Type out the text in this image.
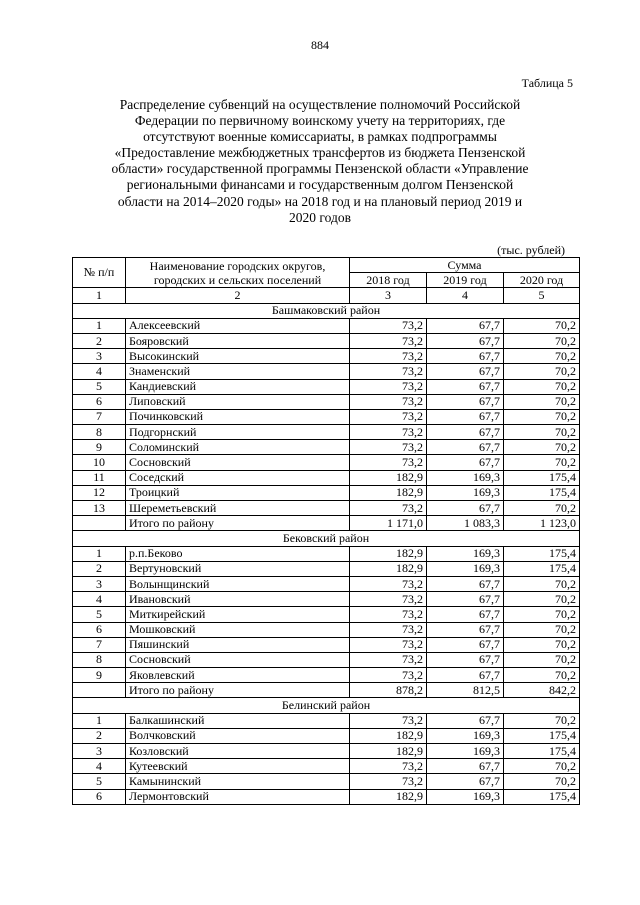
884
Таблица 5
Распределение субвенций на осуществление полномочий Российской
Федерации по первичному воинскому учету на территориях, где
отсутствуют военные комиссариаты, в рамках подпрограммы
«Предоставление межбюджетных трансфертов из бюджета Пензенской
области» государственной программы Пензенской области «Управление
региональными финансами и государственным долгом Пензенской
области на 2014–2020 годы» на 2018 год и на плановый период 2019 и
2020 годов
(тыс. рублей)
№ п/п	Наименование городских округов,
городских и сельских поселений	Сумма		
		2018 год	2019 год	2020 год
1	2	3	4	5
Башмаковский район				
1	Алексеевский	73,2	67,7	70,2
2	Бояровский	73,2	67,7	70,2
3	Высокинский	73,2	67,7	70,2
4	Знаменский	73,2	67,7	70,2
5	Кандиевский	73,2	67,7	70,2
6	Липовский	73,2	67,7	70,2
7	Починковский	73,2	67,7	70,2
8	Подгорнский	73,2	67,7	70,2
9	Соломинский	73,2	67,7	70,2
10	Сосновский	73,2	67,7	70,2
11	Соседский	182,9	169,3	175,4
12	Троицкий	182,9	169,3	175,4
13	Шереметьевский	73,2	67,7	70,2
	Итого по району	1 171,0	1 083,3	1 123,0
Бековский район				
1	р.п.Беково	182,9	169,3	175,4
2	Вертуновский	182,9	169,3	175,4
3	Волынщинский	73,2	67,7	70,2
4	Ивановский	73,2	67,7	70,2
5	Миткирейский	73,2	67,7	70,2
6	Мошковский	73,2	67,7	70,2
7	Пяшинский	73,2	67,7	70,2
8	Сосновский	73,2	67,7	70,2
9	Яковлевский	73,2	67,7	70,2
	Итого по району	878,2	812,5	842,2
Белинский район				
1	Балкашинский	73,2	67,7	70,2
2	Волчковский	182,9	169,3	175,4
3	Козловский	182,9	169,3	175,4
4	Кутеевский	73,2	67,7	70,2
5	Камынинский	73,2	67,7	70,2
6	Лермонтовский	182,9	169,3	175,4
